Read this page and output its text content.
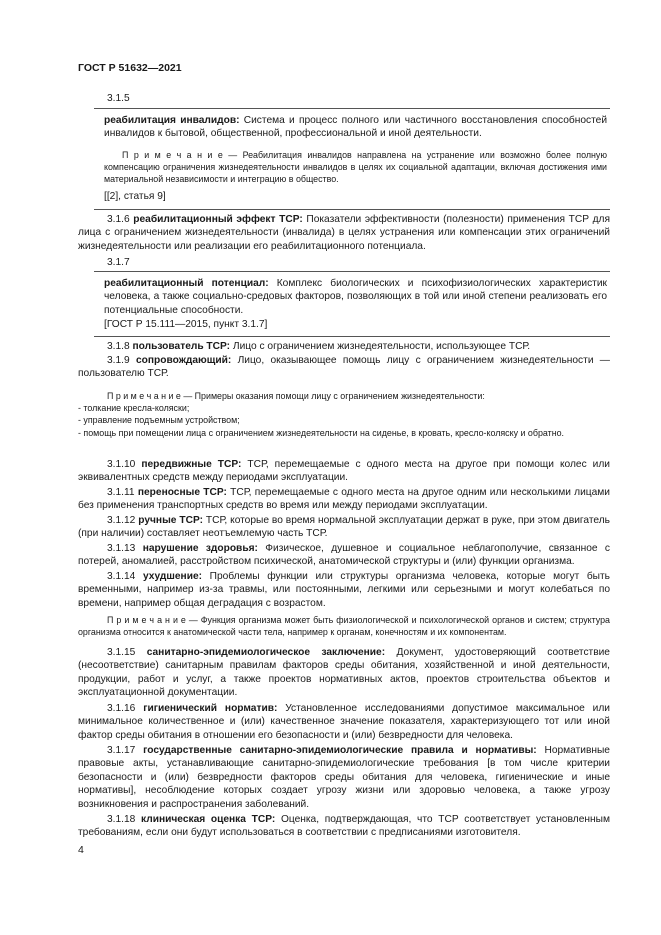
ГОСТ Р 51632—2021

3.1.5

реабилитация инвалидов: Система и процесс полного или частичного восстановления способностей инвалидов к бытовой, общественной, профессиональной и иной деятельности.

П р и м е ч а н и е — Реабилитация инвалидов направлена на устранение или возможно более полную компенсацию ограничения жизнедеятельности инвалидов в целях их социальной адаптации, включая достижения ими материальной независимости и интеграцию в общество.

[[2], статья 9]

3.1.6 реабилитационный эффект ТСР: Показатели эффективности (полезности) применения ТСР для лица с ограничением жизнедеятельности (инвалида) в целях устранения или компенсации этих ограничений жизнедеятельности или реализации его реабилитационного потенциала.

3.1.7

реабилитационный потенциал: Комплекс биологических и психофизиологических характеристик человека, а также социально-средовых факторов, позволяющих в той или иной степени реализовать его потенциальные способности.

[ГОСТ Р 15.111—2015, пункт 3.1.7]

3.1.8 пользователь ТСР: Лицо с ограничением жизнедеятельности, использующее ТСР.

3.1.9 сопровождающий: Лицо, оказывающее помощь лицу с ограничением жизнедеятельности — пользователю ТСР.

П р и м е ч а н и е — Примеры оказания помощи лицу с ограничением жизнедеятельности:
- толкание кресла-коляски;
- управление подъемным устройством;
- помощь при помещении лица с ограничением жизнедеятельности на сиденье, в кровать, кресло-коляску и обратно.

3.1.10 передвижные ТСР: ТСР, перемещаемые с одного места на другое при помощи колес или эквивалентных средств между периодами эксплуатации.

3.1.11 переносные ТСР: ТСР, перемещаемые с одного места на другое одним или несколькими лицами без применения транспортных средств во время или между периодами эксплуатации.

3.1.12 ручные ТСР: ТСР, которые во время нормальной эксплуатации держат в руке, при этом двигатель (при наличии) составляет неотъемлемую часть ТСР.

3.1.13 нарушение здоровья: Физическое, душевное и социальное неблагополучие, связанное с потерей, аномалией, расстройством психической, анатомической структуры и (или) функции организма.

3.1.14 ухудшение: Проблемы функции или структуры организма человека, которые могут быть временными, например из-за травмы, или постоянными, легкими или серьезными и могут колебаться по времени, например общая деградация с возрастом.

П р и м е ч а н и е — Функция организма может быть физиологической и психологической органов и систем; структура организма относится к анатомической части тела, например к органам, конечностям и их компонентам.

3.1.15 санитарно-эпидемиологическое заключение: Документ, удостоверяющий соответствие (несоответствие) санитарным правилам факторов среды обитания, хозяйственной и иной деятельности, продукции, работ и услуг, а также проектов нормативных актов, проектов строительства объектов и эксплуатационной документации.

3.1.16 гигиенический норматив: Установленное исследованиями допустимое максимальное или минимальное количественное и (или) качественное значение показателя, характеризующего тот или иной фактор среды обитания в отношении его безопасности и (или) безвредности для человека.

3.1.17 государственные санитарно-эпидемиологические правила и нормативы: Нормативные правовые акты, устанавливающие санитарно-эпидемиологические требования [в том числе критерии безопасности и (или) безвредности факторов среды обитания для человека, гигиенические и иные нормативы], несоблюдение которых создает угрозу жизни или здоровью человека, а также угрозу возникновения и распространения заболеваний.

3.1.18 клиническая оценка ТСР: Оценка, подтверждающая, что ТСР соответствует установленным требованиям, если они будут использоваться в соответствии с предписаниями изготовителя.

4
